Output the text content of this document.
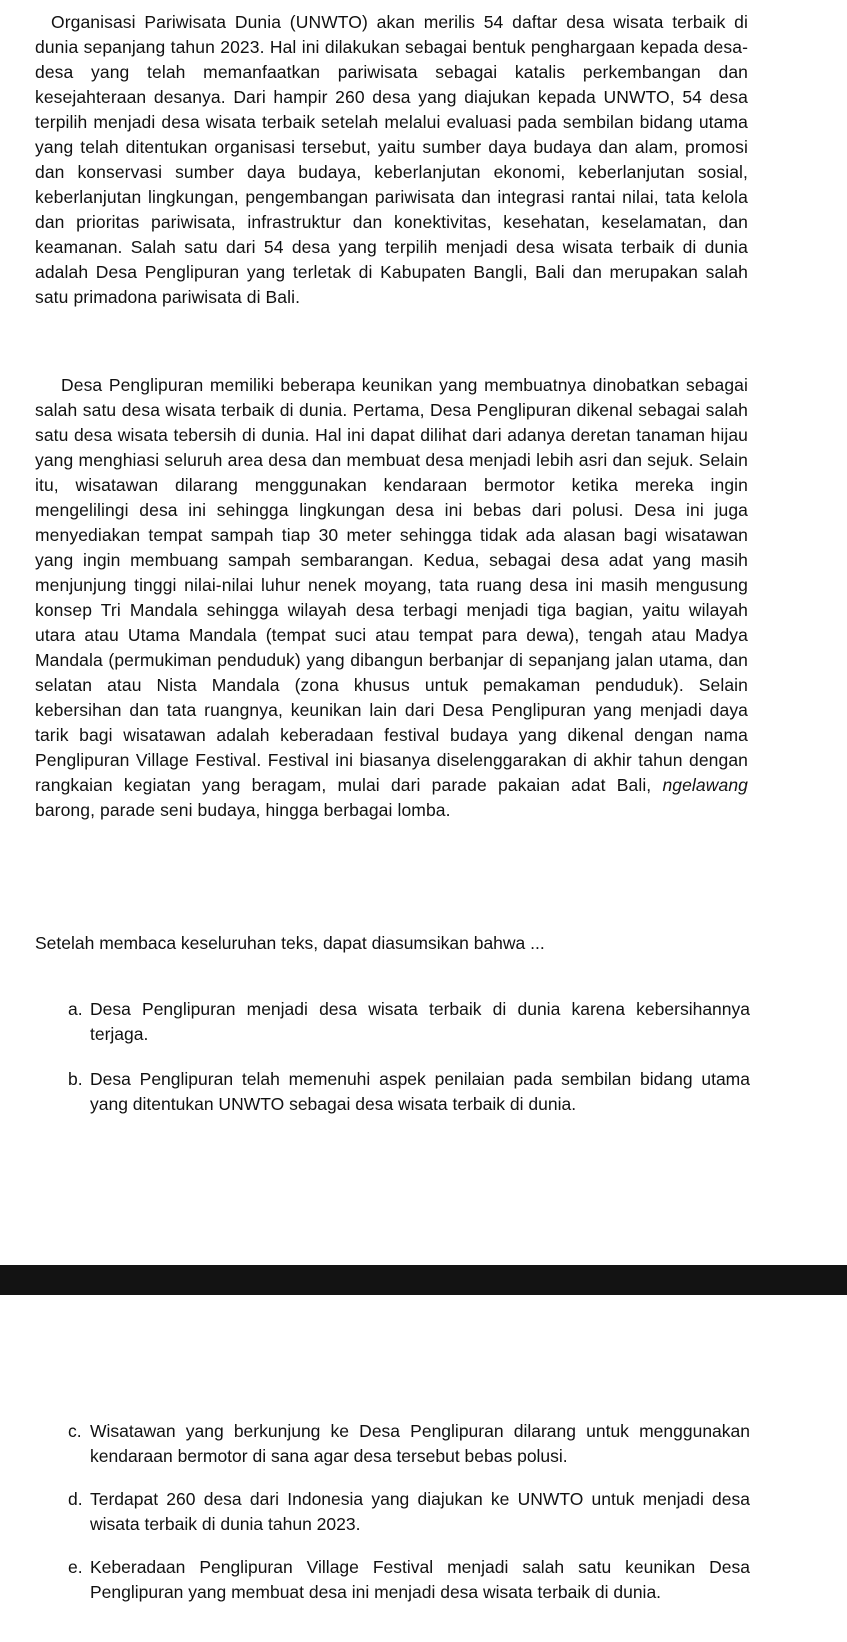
Organisasi Pariwisata Dunia (UNWTO) akan merilis 54 daftar desa wisata terbaik di dunia sepanjang tahun 2023. Hal ini dilakukan sebagai bentuk penghargaan kepada desa-desa yang telah memanfaatkan pariwisata sebagai katalis perkembangan dan kesejahteraan desanya. Dari hampir 260 desa yang diajukan kepada UNWTO, 54 desa terpilih menjadi desa wisata terbaik setelah melalui evaluasi pada sembilan bidang utama yang telah ditentukan organisasi tersebut, yaitu sumber daya budaya dan alam, promosi dan konservasi sumber daya budaya, keberlanjutan ekonomi, keberlanjutan sosial, keberlanjutan lingkungan, pengembangan pariwisata dan integrasi rantai nilai, tata kelola dan prioritas pariwisata, infrastruktur dan konektivitas, kesehatan, keselamatan, dan keamanan. Salah satu dari 54 desa yang terpilih menjadi desa wisata terbaik di dunia adalah Desa Penglipuran yang terletak di Kabupaten Bangli, Bali dan merupakan salah satu primadona pariwisata di Bali.

Desa Penglipuran memiliki beberapa keunikan yang membuatnya dinobatkan sebagai salah satu desa wisata terbaik di dunia. Pertama, Desa Penglipuran dikenal sebagai salah satu desa wisata tebersih di dunia. Hal ini dapat dilihat dari adanya deretan tanaman hijau yang menghiasi seluruh area desa dan membuat desa menjadi lebih asri dan sejuk. Selain itu, wisatawan dilarang menggunakan kendaraan bermotor ketika mereka ingin mengelilingi desa ini sehingga lingkungan desa ini bebas dari polusi. Desa ini juga menyediakan tempat sampah tiap 30 meter sehingga tidak ada alasan bagi wisatawan yang ingin membuang sampah sembarangan. Kedua, sebagai desa adat yang masih menjunjung tinggi nilai-nilai luhur nenek moyang, tata ruang desa ini masih mengusung konsep Tri Mandala sehingga wilayah desa terbagi menjadi tiga bagian, yaitu wilayah utara atau Utama Mandala (tempat suci atau tempat para dewa), tengah atau Madya Mandala (permukiman penduduk) yang dibangun berbanjar di sepanjang jalan utama, dan selatan atau Nista Mandala (zona khusus untuk pemakaman penduduk). Selain kebersihan dan tata ruangnya, keunikan lain dari Desa Penglipuran yang menjadi daya tarik bagi wisatawan adalah keberadaan festival budaya yang dikenal dengan nama Penglipuran Village Festival. Festival ini biasanya diselenggarakan di akhir tahun dengan rangkaian kegiatan yang beragam, mulai dari parade pakaian adat Bali, ngelawang barong, parade seni budaya, hingga berbagai lomba.

Setelah membaca keseluruhan teks, dapat diasumsikan bahwa ...

a. Desa Penglipuran menjadi desa wisata terbaik di dunia karena kebersihannya terjaga.
b. Desa Penglipuran telah memenuhi aspek penilaian pada sembilan bidang utama yang ditentukan UNWTO sebagai desa wisata terbaik di dunia.
c. Wisatawan yang berkunjung ke Desa Penglipuran dilarang untuk menggunakan kendaraan bermotor di sana agar desa tersebut bebas polusi.
d. Terdapat 260 desa dari Indonesia yang diajukan ke UNWTO untuk menjadi desa wisata terbaik di dunia tahun 2023.
e. Keberadaan Penglipuran Village Festival menjadi salah satu keunikan Desa Penglipuran yang membuat desa ini menjadi desa wisata terbaik di dunia.
